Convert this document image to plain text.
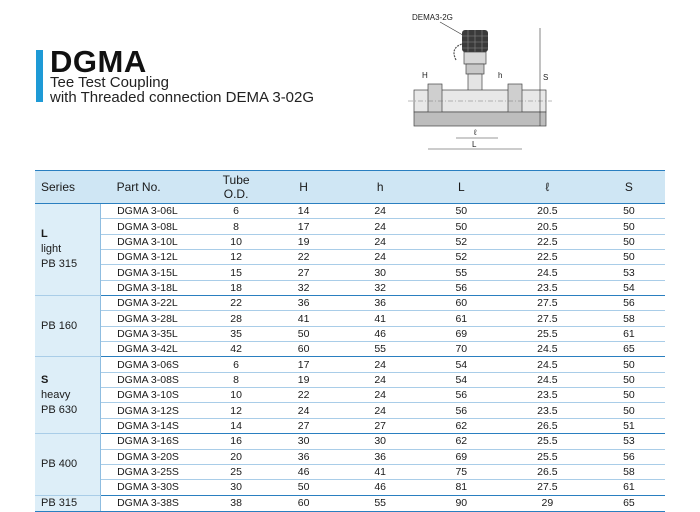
DGMA
Tee Test Coupling
with Threaded connection DEMA 3-02G
DEMA3-2G
H	h	S
ℓ
L
Series	Part No.	Tube O.D.	H	h	L	ℓ	S

L
light
PB 315	DGMA 3-06L	6	14	24	50	20.5	50
	DGMA 3-08L	8	17	24	50	20.5	50
	DGMA 3-10L	10	19	24	52	22.5	50
	DGMA 3-12L	12	22	24	52	22.5	50
	DGMA 3-15L	15	27	30	55	24.5	53
	DGMA 3-18L	18	32	32	56	23.5	54

PB 160	DGMA 3-22L	22	36	36	60	27.5	56
	DGMA 3-28L	28	41	41	61	27.5	58
	DGMA 3-35L	35	50	46	69	25.5	61
	DGMA 3-42L	42	60	55	70	24.5	65

S
heavy
PB 630	DGMA 3-06S	6	17	24	54	24.5	50
	DGMA 3-08S	8	19	24	54	24.5	50
	DGMA 3-10S	10	22	24	56	23.5	50
	DGMA 3-12S	12	24	24	56	23.5	50
	DGMA 3-14S	14	27	27	62	26.5	51

PB 400	DGMA 3-16S	16	30	30	62	25.5	53
	DGMA 3-20S	20	36	36	69	25.5	56
	DGMA 3-25S	25	46	41	75	26.5	58
	DGMA 3-30S	30	50	46	81	27.5	61

PB 315	DGMA 3-38S	38	60	55	90	29	65
